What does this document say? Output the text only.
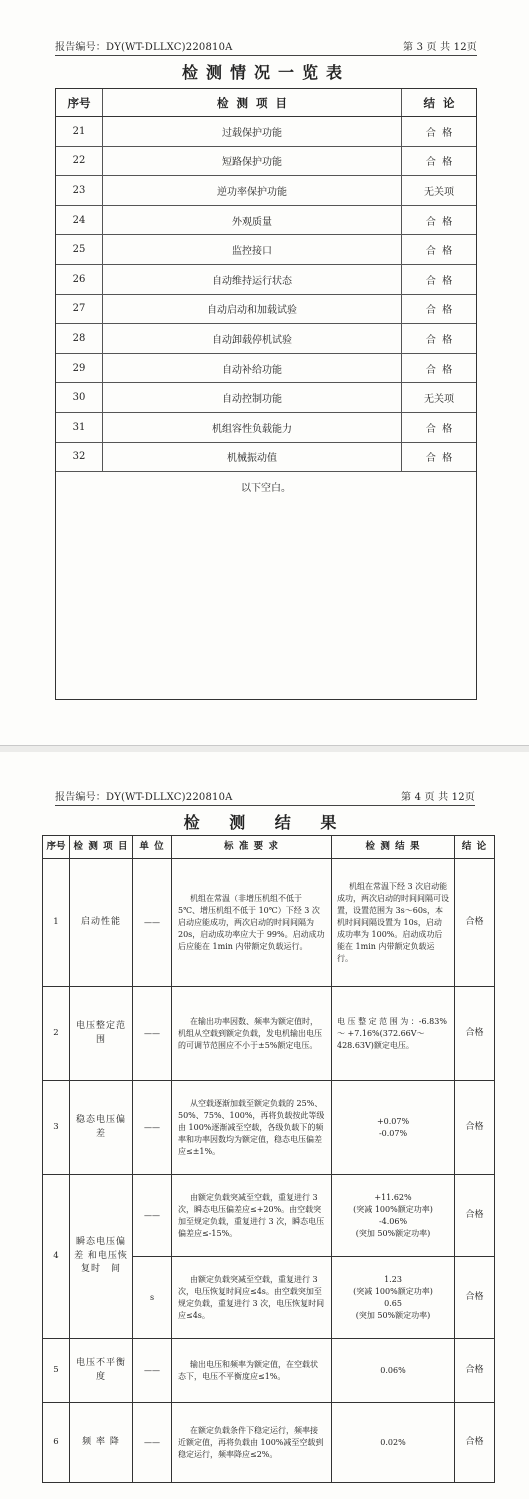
报告编号：DY(WT-DLLXC)220810A	第 3 页 共 12页
检测情况一览表
序号	检  测  项  目	结  论
21	过载保护功能	合  格
22	短路保护功能	合  格
23	逆功率保护功能	无关项
24	外观质量	合  格
25	监控接口	合  格
26	自动维持运行状态	合  格
27	自动启动和加载试验	合  格
28	自动卸载停机试验	合  格
29	自动补给功能	合  格
30	自动控制功能	无关项
31	机组容性负载能力	合  格
32	机械振动值	合  格
以下空白。
报告编号：DY(WT-DLLXC)220810A	第 4 页 共 12页
检 测 结 果
序号	检 测 项 目	单 位	标 准 要 求	检 测 结 果	结 论
1	启动性能	——	机组在常温（非增压机组不低于 5℃、增压机组不低于 10℃）下经 3 次启动应能成功，两次启动的时间间隔为 20s，启动成功率应大于 99%。启动成功后应能在 1min 内带额定负载运行。	机组在常温下经 3 次启动能成功，两次启动的时间间隔可设置，设置范围为 3s～60s，本机时间间隔设置为 10s，启动成功率为 100%。启动成功后能在 1min 内带额定负载运行。	合格
2	电压整定范　围	——	在输出功率因数、频率为额定值时，机组从空载到额定负载，发电机输出电压的可调节范围应不小于±5%额定电压。	电 压 整 定 范 围 为 ：-6.83% ～ +7.16%(372.66V～428.63V)额定电压。	合格
3	稳态电压偏　差	——	从空载逐渐加载至额定负载的 25%、50%、75%、100%，再将负载按此等级由 100%逐渐减至空载，各级负载下的频率和功率因数均为额定值，稳态电压偏差应≤±1%。	+0.07%
-0.07%	合格
4	瞬态电压偏 差 和电压恢复时　间	——	由额定负载突减至空载，重复进行 3 次，瞬态电压偏差应≤+20%。由空载突加至规定负载，重复进行 3 次，瞬态电压偏差应≤-15%。	+11.62%
(突减 100%额定功率)
-4.06%
(突加 50%额定功率)	合格
		s	由额定负载突减至空载，重复进行 3 次，电压恢复时间应≤4s。由空载突加至规定负载，重复进行 3 次，电压恢复时间应≤4s。	1.23
(突减 100%额定功率)
0.65
(突加 50%额定功率)	合格
5	电压不平衡　度	——	输出电压和频率为额定值，在空载状态下，电压不平衡度应≤1%。	0.06%	合格
6	频 率 降	——	在额定负载条件下稳定运行，频率接近额定值，再将负载由 100%减至空载到稳定运行，频率降应≤2%。	0.02%	合格
